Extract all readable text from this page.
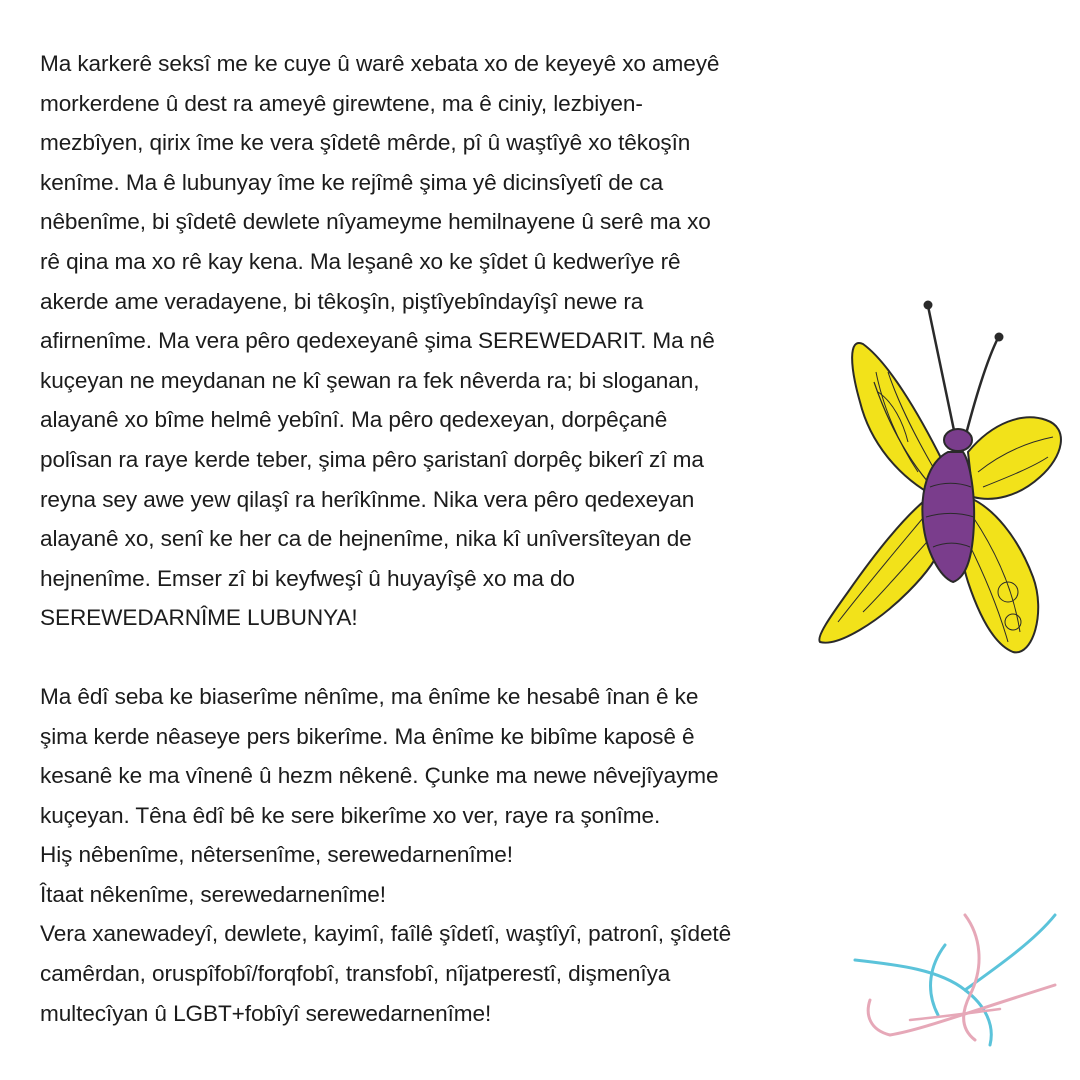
Ma karkerê seksî me ke cuye û warê xebata xo de keyeyê xo ameyê
morkerdene û dest ra ameyê girewtene, ma ê ciniy, lezbiyen-
mezbîyen, qirix îme ke vera şîdetê mêrde, pî û waştîyê xo têkoşîn
kenîme. Ma ê lubunyay îme ke rejîmê şima yê dicinsîyetî de ca
nêbenîme, bi şîdetê dewlete nîyameyme hemilnayene û serê ma xo
rê qina ma xo rê kay kena. Ma leşanê xo ke şîdet û kedwerîye rê
akerde ame veradayene, bi têkoşîn, piştîyebîndayîşî newe ra
afirnenîme. Ma vera pêro qedexeyanê şima SEREWEDARIT. Ma nê
kuçeyan ne meydanan ne kî şewan ra fek nêverda ra; bi sloganan,
alayanê xo bîme helmê yebînî. Ma pêro qedexeyan, dorpêçanê
polîsan ra raye kerde teber, şima pêro şaristanî dorpêç bikerî zî ma
reyna sey awe yew qilaşî ra herîkînme. Nika vera pêro qedexeyan
alayanê xo, senî ke her ca de hejnenîme, nika kî unîversîteyan de
hejnenîme. Emser zî bi keyfweşî û huyayîşê xo ma do
SEREWEDARNÎME LUBUNYA!
Ma êdî seba ke biaserîme nênîme, ma ênîme ke hesabê înan ê ke
şima kerde nêaseye pers bikerîme. Ma ênîme ke bibîme kaposê ê
kesanê ke ma vînenê û hezm nêkenê. Çunke ma newe nêvejîyayme
kuçeyan. Têna êdî bê ke sere bikerîme xo ver, raye ra şonîme.
Hiş nêbenîme, nêtersenîme, serewedarnenîme!
Îtaat nêkenîme, serewedarnenîme!
Vera xanewadeyî, dewlete, kayimî, faîlê şîdetî, waştîyî, patronî, şîdetê
camêrdan, oruspîfobî/forqfobî, transfobî, nîjatperestî, dişmenîya
multecîyan û LGBT+fobîyî serewedarnenîme!
